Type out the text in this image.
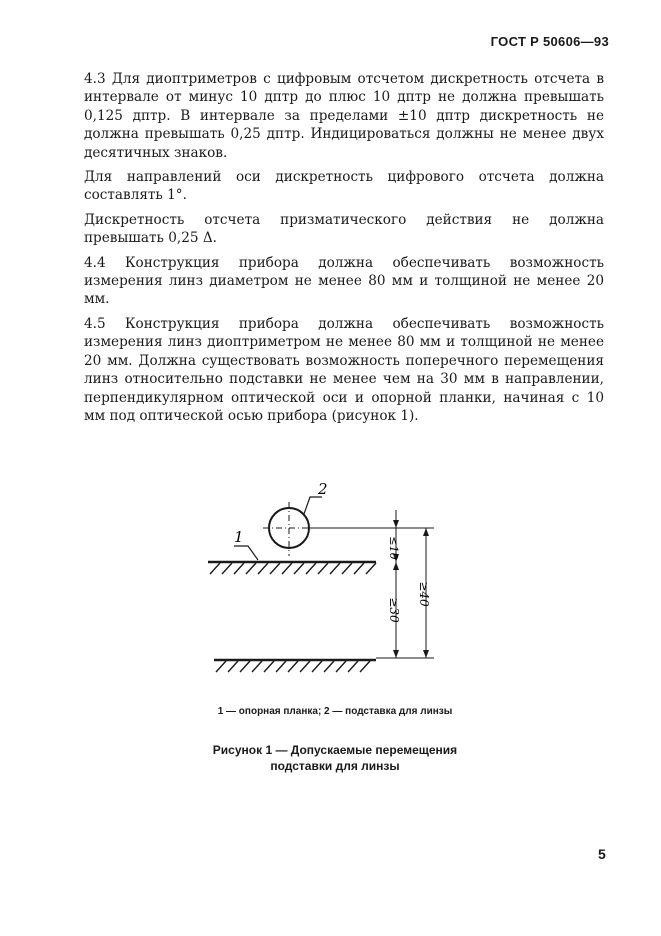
ГОСТ Р 50606—93

4.3 Для диоптриметров с цифровым отсчетом дискретность отсчета в интервале от минус 10 дптр до плюс 10 дптр не должна превышать 0,125 дптр. В интервале за пределами ±10 дптр дискретность не должна превышать 0,25 дптр. Индицироваться должны не менее двух десятичных знаков.

Для направлений оси дискретность цифрового отсчета должна составлять 1°.

Дискретность отсчета призматического действия не должна превышать 0,25 Δ.

4.4 Конструкция прибора должна обеспечивать возможность измерения линз диаметром не менее 80 мм и толщиной не менее 20 мм.

4.5 Конструкция прибора должна обеспечивать возможность измерения линз диоптриметром не менее 80 мм и толщиной не менее 20 мм. Должна существовать возможность поперечного перемещения линз относительно подставки не менее чем на 30 мм в направлении, перпендикулярном оптической оси и опорной планки, начиная с 10 мм под оптической осью прибора (рисунок 1).

1
2
≤10
≥30
≥40
1 — опорная планка; 2 — подставка для линзы
Рисунок 1 — Допускаемые перемещения подставки для линзы
5
